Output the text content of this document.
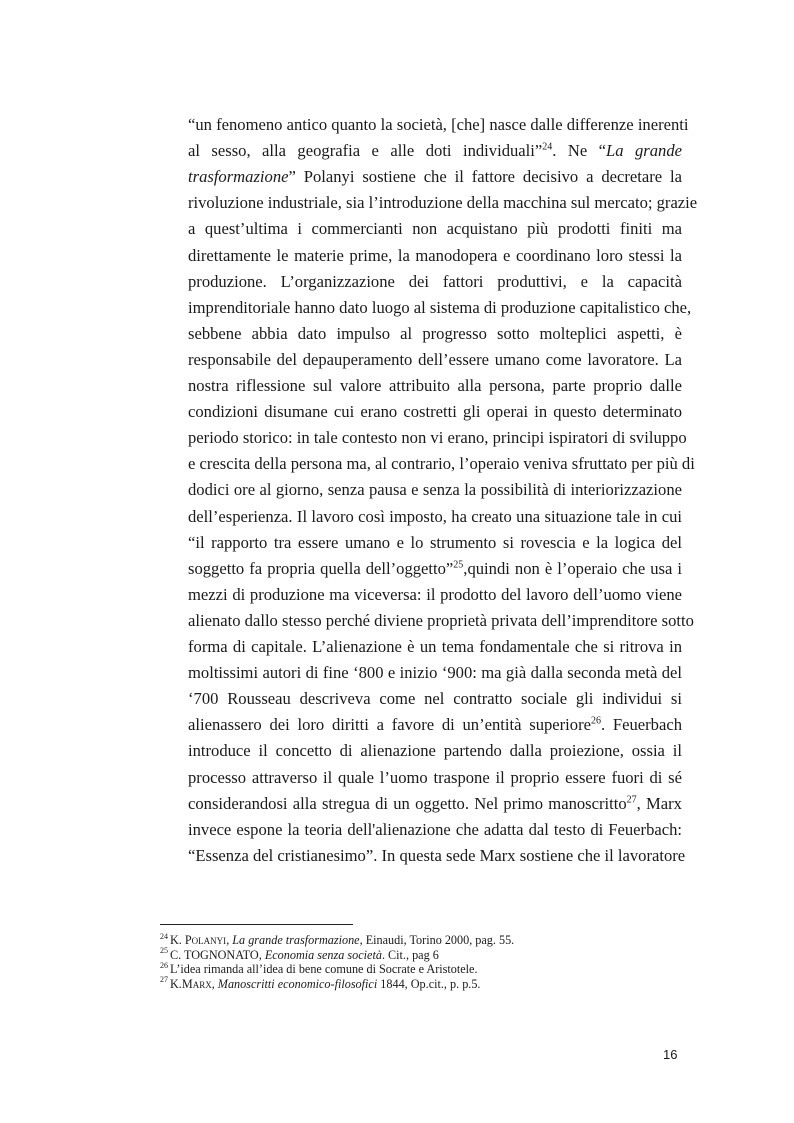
“un fenomeno antico quanto la società, [che] nasce dalle differenze inerenti
al sesso, alla geografia e alle doti individuali”$^{24}$. Ne “La grande
trasformazione” Polanyi sostiene che il fattore decisivo a decretare la
rivoluzione industriale, sia l’introduzione della macchina sul mercato; grazie
a quest’ultima i commercianti non acquistano più prodotti finiti ma
direttamente le materie prime, la manodopera e coordinano loro stessi la
produzione. L’organizzazione dei fattori produttivi, e la capacità
imprenditoriale hanno dato luogo al sistema di produzione capitalistico che,
sebbene abbia dato impulso al progresso sotto molteplici aspetti, è
responsabile del depauperamento dell’essere umano come lavoratore. La
nostra riflessione sul valore attribuito alla persona, parte proprio dalle
condizioni disumane cui erano costretti gli operai in questo determinato
periodo storico: in tale contesto non vi erano, principi ispiratori di sviluppo
e crescita della persona ma, al contrario, l’operaio veniva sfruttato per più di
dodici ore al giorno, senza pausa e senza la possibilità di interiorizzazione
dell’esperienza. Il lavoro così imposto, ha creato una situazione tale in cui
“il rapporto tra essere umano e lo strumento si rovescia e la logica del
soggetto fa propria quella dell’oggetto”$^{25}$,quindi non è l’operaio che usa i
mezzi di produzione ma viceversa: il prodotto del lavoro dell’uomo viene
alienato dallo stesso perché diviene proprietà privata dell’imprenditore sotto
forma di capitale. L’alienazione è un tema fondamentale che si ritrova in
moltissimi autori di fine ‘800 e inizio ‘900: ma già dalla seconda metà del
‘700 Rousseau descriveva come nel contratto sociale gli individui si
alienassero dei loro diritti a favore di un’entità superiore$^{26}$. Feuerbach
introduce il concetto di alienazione partendo dalla proiezione, ossia il
processo attraverso il quale l’uomo traspone il proprio essere fuori di sé
considerandosi alla stregua di un oggetto. Nel primo manoscritto$^{27}$, Marx
invece espone la teoria dell'alienazione che adatta dal testo di Feuerbach:
“Essenza del cristianesimo”. In questa sede Marx sostiene che il lavoratore
$^{24}$ K. Polanyi, La grande trasformazione, Einaudi, Torino 2000, pag. 55.
$^{25}$ C. TOGNONATO, Economia senza società. Cit., pag 6
$^{26}$ L’idea rimanda all’idea di bene comune di Socrate e Aristotele.
$^{27}$ K.Marx, Manoscritti economico-filosofici 1844, Op.cit., p. p.5.
16
